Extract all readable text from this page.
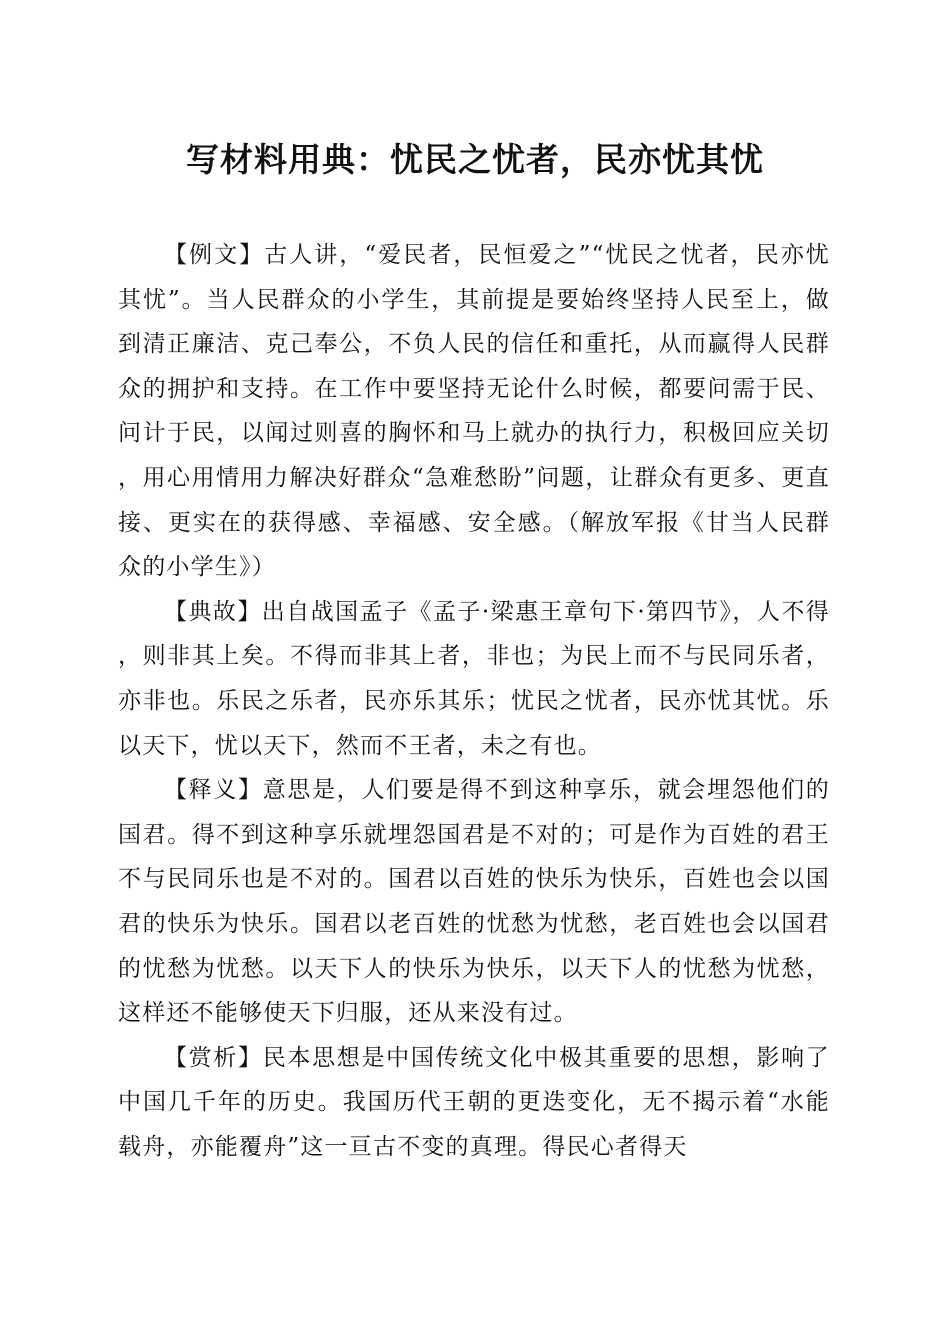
写材料用典：忧民之忧者，民亦忧其忧

【例文】古人讲，“爱民者，民恒爱之”“忧民之忧者，民亦忧其忧”。当人民群众的小学生，其前提是要始终坚持人民至上，做到清正廉洁、克己奉公，不负人民的信任和重托，从而赢得人民群众的拥护和支持。在工作中要坚持无论什么时候，都要问需于民、问计于民，以闻过则喜的胸怀和马上就办的执行力，积极回应关切，用心用情用力解决好群众“急难愁盼”问题，让群众有更多、更直接、更实在的获得感、幸福感、安全感。（解放军报《甘当人民群众的小学生》）

【典故】出自战国孟子《孟子·梁惠王章句下·第四节》，人不得，则非其上矣。不得而非其上者，非也；为民上而不与民同乐者，亦非也。乐民之乐者，民亦乐其乐；忧民之忧者，民亦忧其忧。乐以天下，忧以天下，然而不王者，未之有也。

【释义】意思是，人们要是得不到这种享乐，就会埋怨他们的国君。得不到这种享乐就埋怨国君是不对的；可是作为百姓的君王不与民同乐也是不对的。国君以百姓的快乐为快乐，百姓也会以国君的快乐为快乐。国君以老百姓的忧愁为忧愁，老百姓也会以国君的忧愁为忧愁。以天下人的快乐为快乐，以天下人的忧愁为忧愁，这样还不能够使天下归服，还从来没有过。

【赏析】民本思想是中国传统文化中极其重要的思想，影响了中国几千年的历史。我国历代王朝的更迭变化，无不揭示着“水能载舟，亦能覆舟”这一亘古不变的真理。得民心者得天
